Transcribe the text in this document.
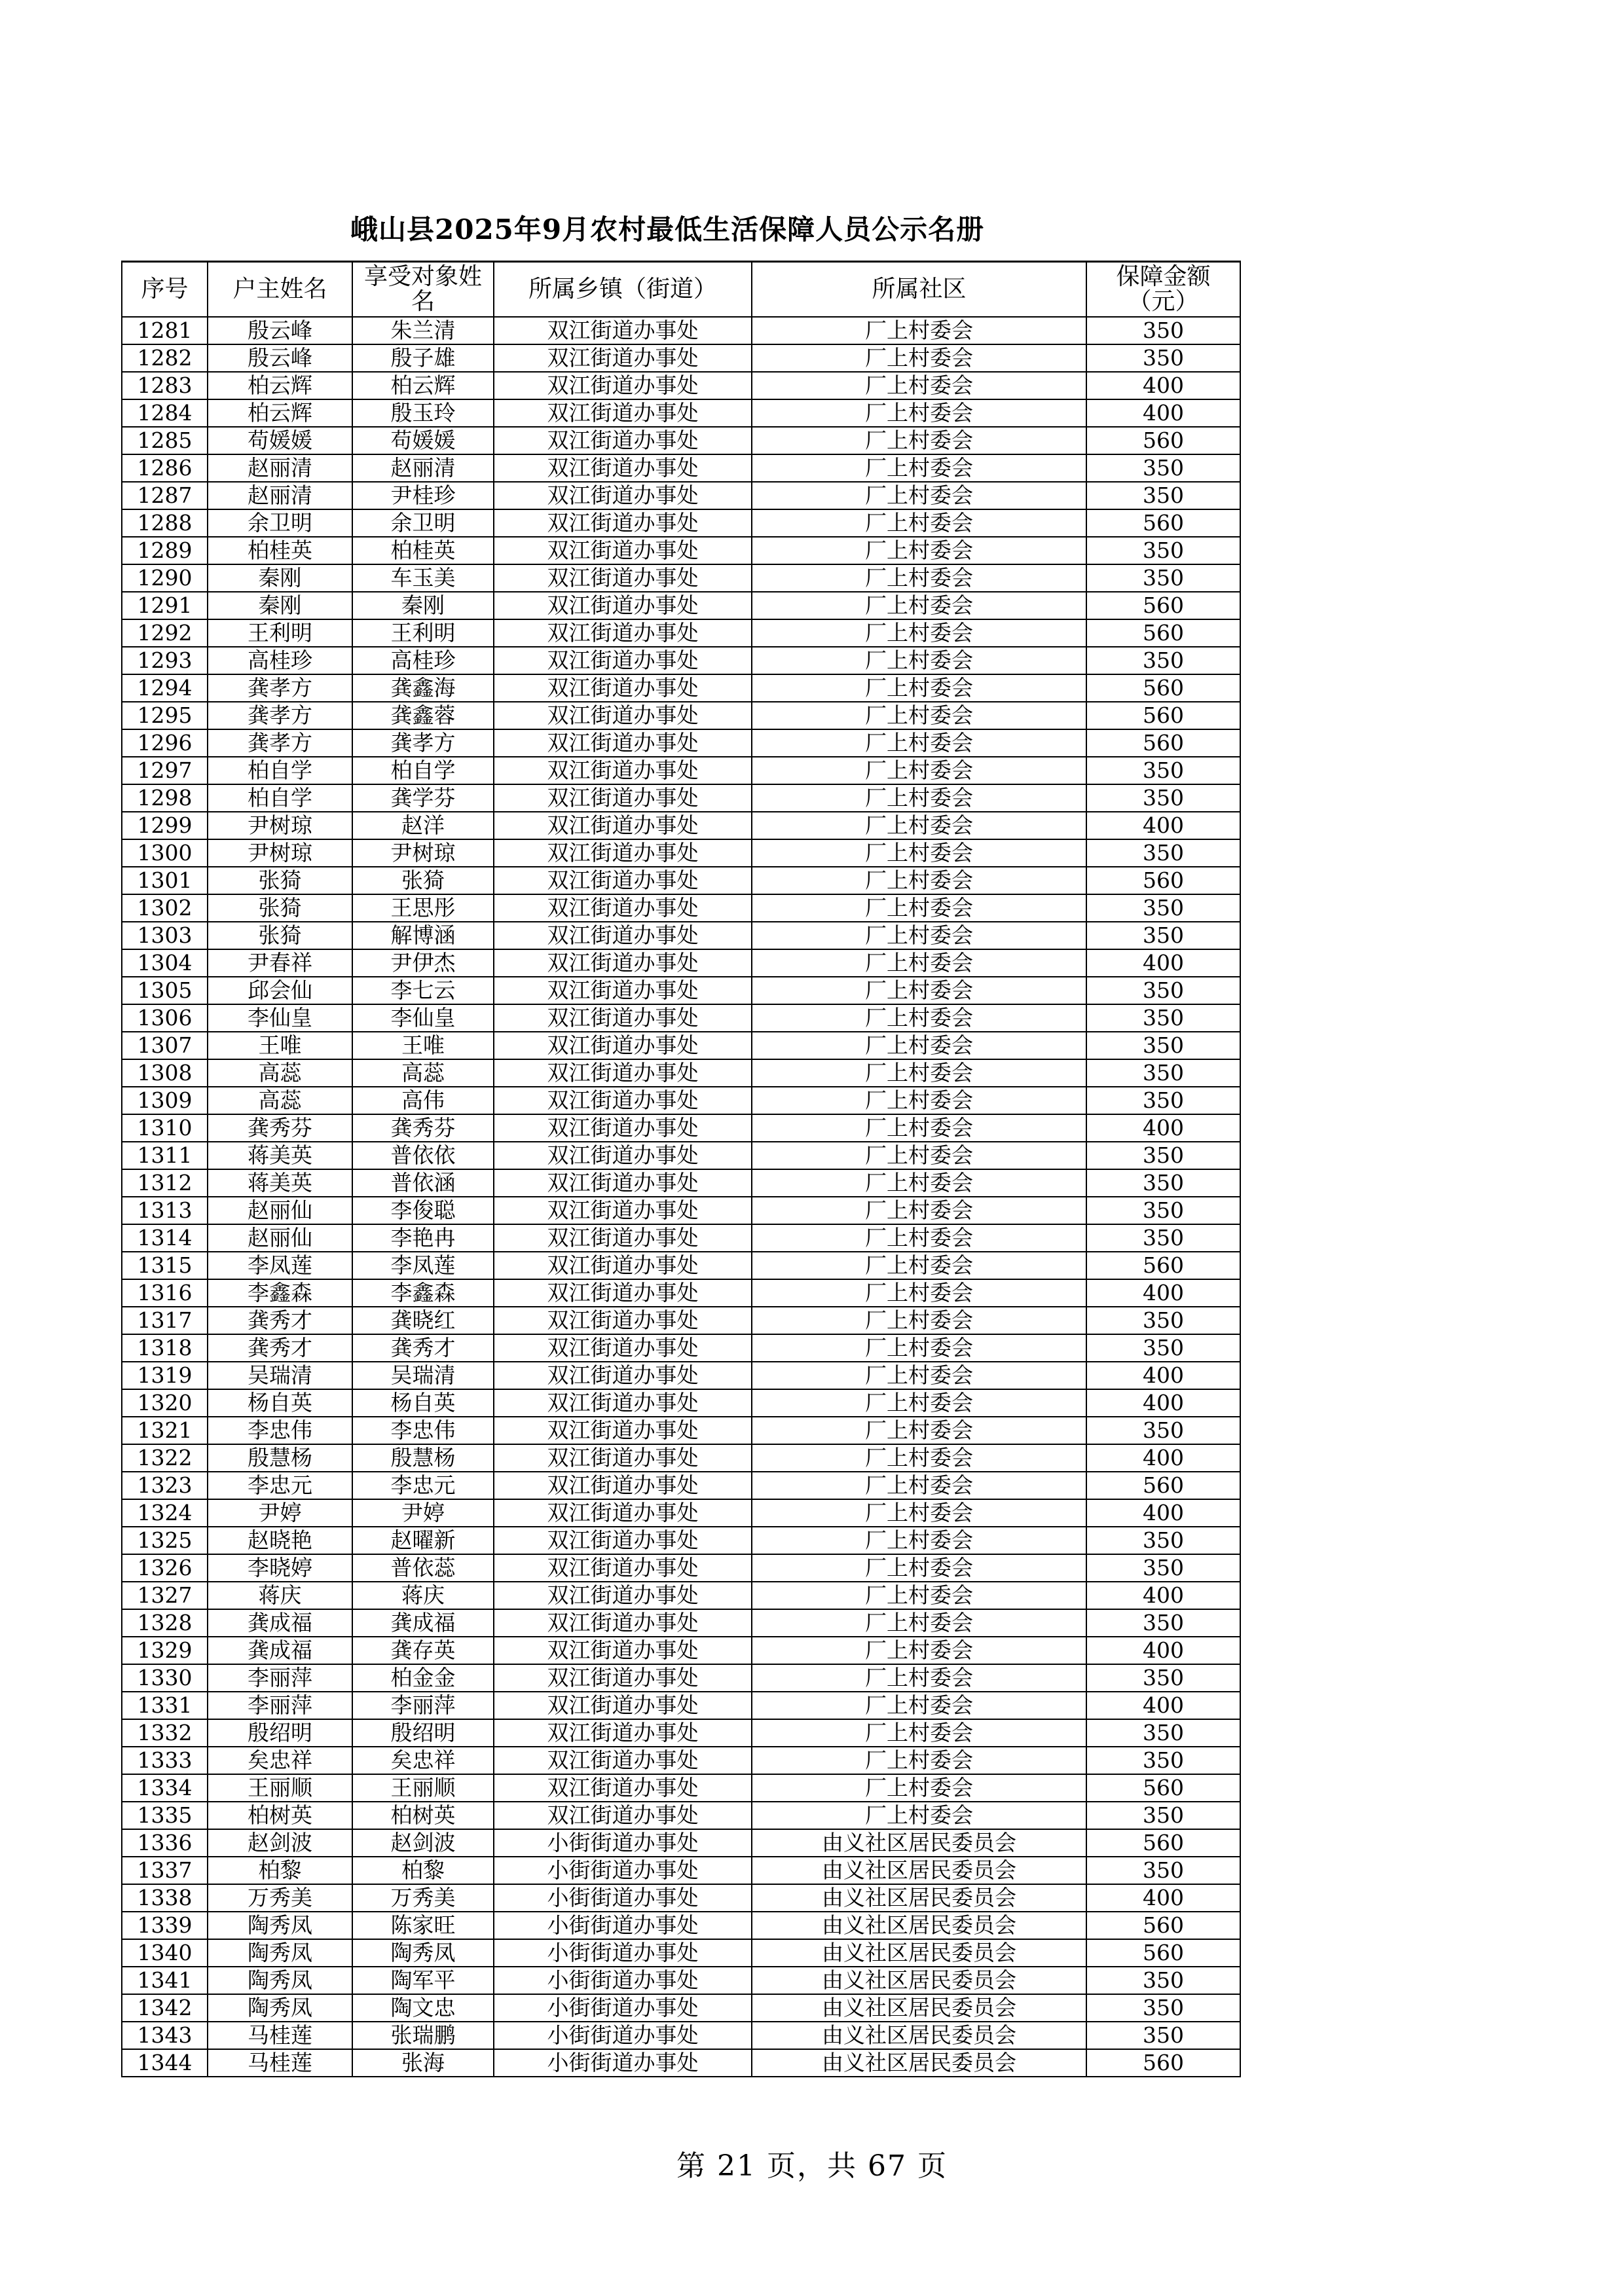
峨山县2025年9月农村最低生活保障人员公示名册
序号	户主姓名	享受对象姓名	所属乡镇（街道）	所属社区	保障金额（元）
1281	殷云峰	朱兰清	双江街道办事处	厂上村委会	350
1282	殷云峰	殷子雄	双江街道办事处	厂上村委会	350
1283	柏云辉	柏云辉	双江街道办事处	厂上村委会	400
1284	柏云辉	殷玉玲	双江街道办事处	厂上村委会	400
1285	苟媛媛	苟媛媛	双江街道办事处	厂上村委会	560
1286	赵丽清	赵丽清	双江街道办事处	厂上村委会	350
1287	赵丽清	尹桂珍	双江街道办事处	厂上村委会	350
1288	余卫明	余卫明	双江街道办事处	厂上村委会	560
1289	柏桂英	柏桂英	双江街道办事处	厂上村委会	350
1290	秦刚	车玉美	双江街道办事处	厂上村委会	350
1291	秦刚	秦刚	双江街道办事处	厂上村委会	560
1292	王利明	王利明	双江街道办事处	厂上村委会	560
1293	高桂珍	高桂珍	双江街道办事处	厂上村委会	350
1294	龚孝方	龚鑫海	双江街道办事处	厂上村委会	560
1295	龚孝方	龚鑫蓉	双江街道办事处	厂上村委会	560
1296	龚孝方	龚孝方	双江街道办事处	厂上村委会	560
1297	柏自学	柏自学	双江街道办事处	厂上村委会	350
1298	柏自学	龚学芬	双江街道办事处	厂上村委会	350
1299	尹树琼	赵洋	双江街道办事处	厂上村委会	400
1300	尹树琼	尹树琼	双江街道办事处	厂上村委会	350
1301	张猗	张猗	双江街道办事处	厂上村委会	560
1302	张猗	王思彤	双江街道办事处	厂上村委会	350
1303	张猗	解博涵	双江街道办事处	厂上村委会	350
1304	尹春祥	尹伊杰	双江街道办事处	厂上村委会	400
1305	邱会仙	李七云	双江街道办事处	厂上村委会	350
1306	李仙皇	李仙皇	双江街道办事处	厂上村委会	350
1307	王唯	王唯	双江街道办事处	厂上村委会	350
1308	高蕊	高蕊	双江街道办事处	厂上村委会	350
1309	高蕊	高伟	双江街道办事处	厂上村委会	350
1310	龚秀芬	龚秀芬	双江街道办事处	厂上村委会	400
1311	蒋美英	普依依	双江街道办事处	厂上村委会	350
1312	蒋美英	普依涵	双江街道办事处	厂上村委会	350
1313	赵丽仙	李俊聪	双江街道办事处	厂上村委会	350
1314	赵丽仙	李艳冉	双江街道办事处	厂上村委会	350
1315	李凤莲	李凤莲	双江街道办事处	厂上村委会	560
1316	李鑫森	李鑫森	双江街道办事处	厂上村委会	400
1317	龚秀才	龚晓红	双江街道办事处	厂上村委会	350
1318	龚秀才	龚秀才	双江街道办事处	厂上村委会	350
1319	吴瑞清	吴瑞清	双江街道办事处	厂上村委会	400
1320	杨自英	杨自英	双江街道办事处	厂上村委会	400
1321	李忠伟	李忠伟	双江街道办事处	厂上村委会	350
1322	殷慧杨	殷慧杨	双江街道办事处	厂上村委会	400
1323	李忠元	李忠元	双江街道办事处	厂上村委会	560
1324	尹婷	尹婷	双江街道办事处	厂上村委会	400
1325	赵晓艳	赵曜新	双江街道办事处	厂上村委会	350
1326	李晓婷	普依蕊	双江街道办事处	厂上村委会	350
1327	蒋庆	蒋庆	双江街道办事处	厂上村委会	400
1328	龚成福	龚成福	双江街道办事处	厂上村委会	350
1329	龚成福	龚存英	双江街道办事处	厂上村委会	400
1330	李丽萍	柏金金	双江街道办事处	厂上村委会	350
1331	李丽萍	李丽萍	双江街道办事处	厂上村委会	400
1332	殷绍明	殷绍明	双江街道办事处	厂上村委会	350
1333	矣忠祥	矣忠祥	双江街道办事处	厂上村委会	350
1334	王丽顺	王丽顺	双江街道办事处	厂上村委会	560
1335	柏树英	柏树英	双江街道办事处	厂上村委会	350
1336	赵剑波	赵剑波	小街街道办事处	由义社区居民委员会	560
1337	柏黎	柏黎	小街街道办事处	由义社区居民委员会	350
1338	万秀美	万秀美	小街街道办事处	由义社区居民委员会	400
1339	陶秀凤	陈家旺	小街街道办事处	由义社区居民委员会	560
1340	陶秀凤	陶秀凤	小街街道办事处	由义社区居民委员会	560
1341	陶秀凤	陶军平	小街街道办事处	由义社区居民委员会	350
1342	陶秀凤	陶文忠	小街街道办事处	由义社区居民委员会	350
1343	马桂莲	张瑞鹏	小街街道办事处	由义社区居民委员会	350
1344	马桂莲	张海	小街街道办事处	由义社区居民委员会	560
第 21 页，共 67 页
